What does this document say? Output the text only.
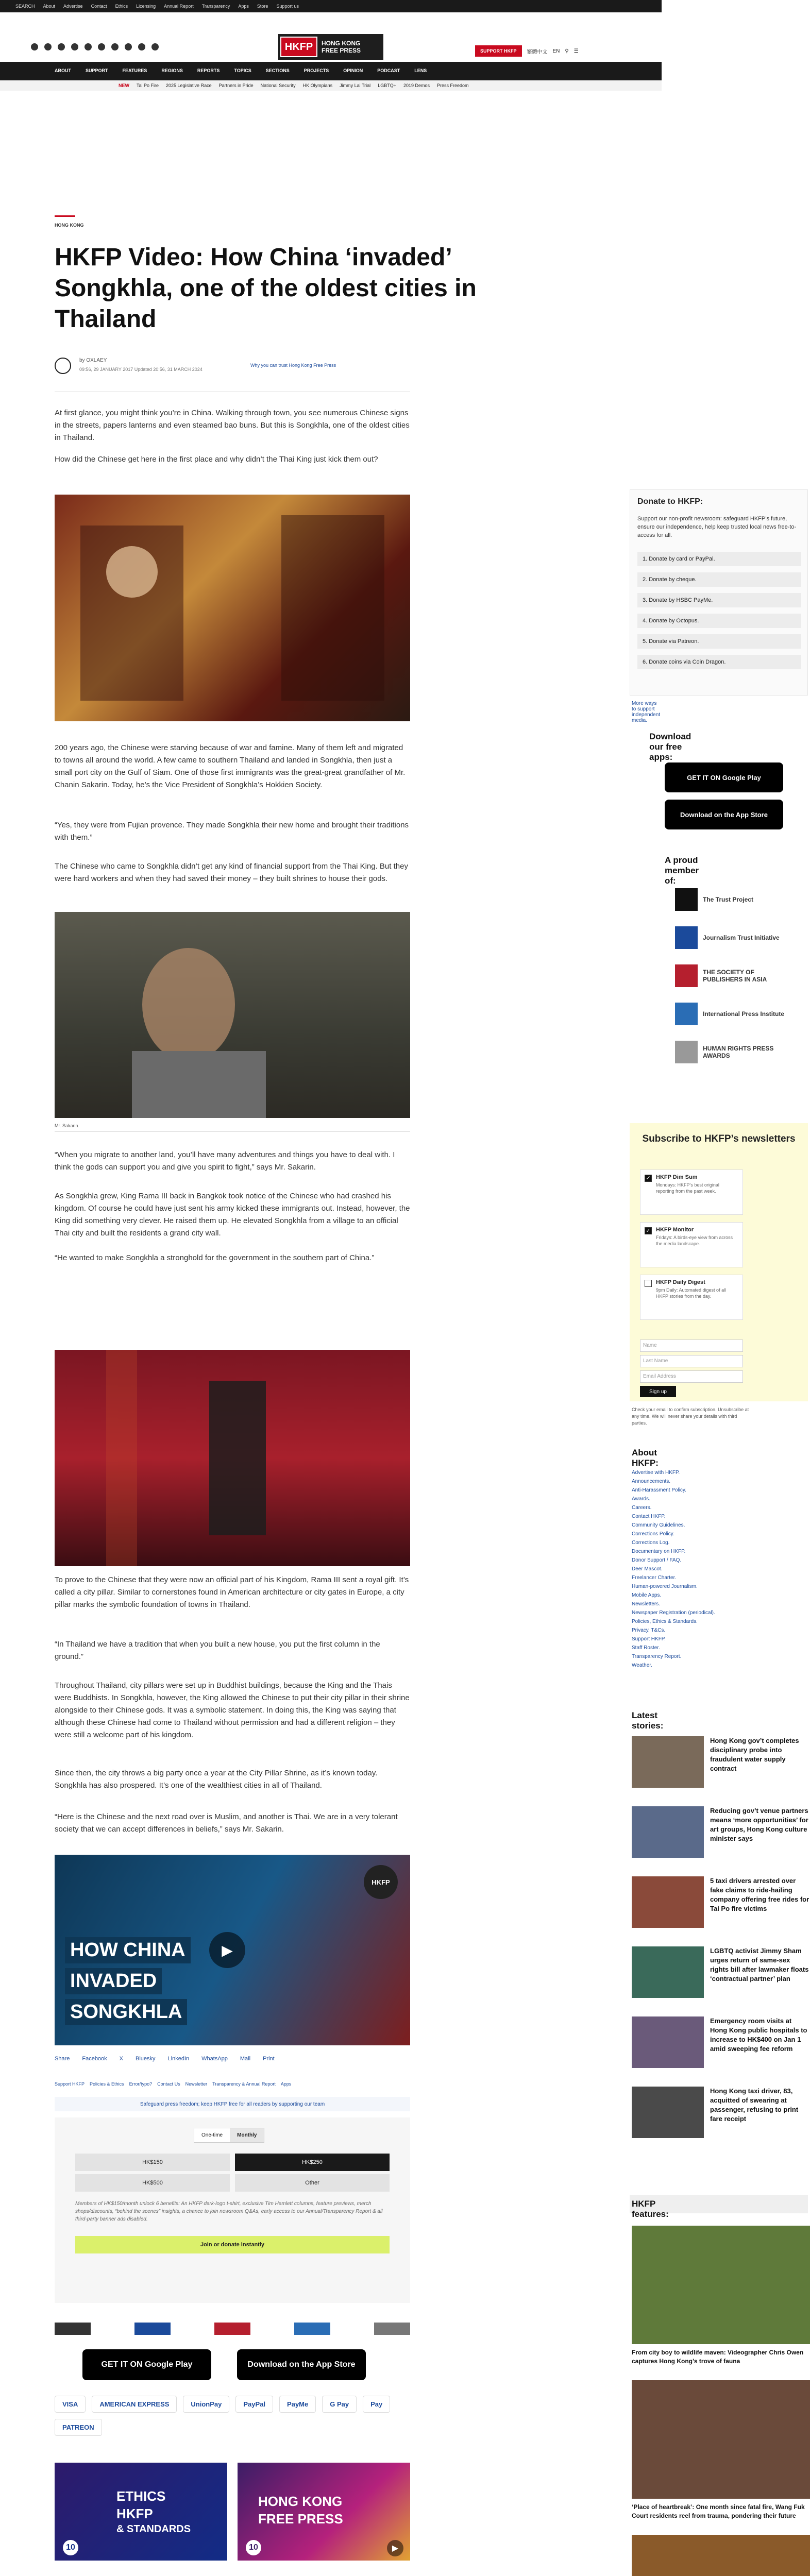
SEARCH About Advertise Contact Ethics Licensing Annual Report Transparency Apps Store Support us
HKFP	HONG KONG
FREE PRESS	SUPPORT HKFP	繁體中文 EN ⚲ ☰
ABOUT	SUPPORT	FEATURES	REGIONS	REPORTS	TOPICS	SECTIONS	PROJECTS	OPINION	PODCAST	LENS
NEW Tai Po Fire 2025 Legislative Race Partners in Pride National Security HK Olympians Jimmy Lai Trial LGBTQ+ 2019 Demos Press Freedom
HONG KONG
HKFP Video: How China ‘invaded’ Songkhla, one of the oldest cities in Thailand
by OXLAEY
09:56, 29 JANUARY 2017 Updated 20:56, 31 MARCH 2024
Why you can trust Hong Kong Free Press

At first glance, you might think you’re in China. Walking through town, you see numerous Chinese signs in the streets, papers lanterns and even steamed bao buns. But this is Songkhla, one of the oldest cities in Thailand.

How did the Chinese get here in the first place and why didn’t the Thai King just kick them out?

200 years ago, the Chinese were starving because of war and famine. Many of them left and migrated to towns all around the world. A few came to southern Thailand and landed in Songkhla, then just a small port city on the Gulf of Siam. One of those first immigrants was the great-great grandfather of Mr. Chanin Sakarin. Today, he’s the Vice President of Songkhla’s Hokkien Society.

“Yes, they were from Fujian provence. They made Songkhla their new home and brought their traditions with them.”

The Chinese who came to Songkhla didn’t get any kind of financial support from the Thai King. But they were hard workers and when they had saved their money – they built shrines to house their gods.

Mr. Sakarin.

“When you migrate to another land, you’ll have many adventures and things you have to deal with. I think the gods can support you and give you spirit to fight,” says Mr. Sakarin.

As Songkhla grew, King Rama III back in Bangkok took notice of the Chinese who had crashed his kingdom. Of course he could have just sent his army kicked these immigrants out. Instead, however, the King did something very clever. He raised them up. He elevated Songkhla from a village to an official Thai city and built the residents a grand city wall.

“He wanted to make Songkhla a stronghold for the government in the southern part of China.”

To prove to the Chinese that they were now an official part of his Kingdom, Rama III sent a royal gift. It’s called a city pillar. Similar to cornerstones found in American architecture or city gates in Europe, a city pillar marks the symbolic foundation of towns in Thailand.

“In Thailand we have a tradition that when you built a new house, you put the first column in the ground.”

Throughout Thailand, city pillars were set up in Buddhist buildings, because the King and the Thais were Buddhists. In Songkhla, however, the King allowed the Chinese to put their city pillar in their shrine alongside to their Chinese gods. It was a symbolic statement. In doing this, the King was saying that although these Chinese had come to Thailand without permission and had a different religion – they were still a welcome part of his kingdom.

Since then, the city throws a big party once a year at the City Pillar Shrine, as it’s known today. Songkhla has also prospered. It’s one of the wealthiest cities in all of Thailand.

“Here is the Chinese and the next road over is Muslim, and another is Thai. We are in a very tolerant society that we can accept differences in beliefs,” says Mr. Sakarin.

HKFP
HOW CHINA
INVADED
SONGKHLA
▶
Share Facebook X Bluesky LinkedIn WhatsApp Mail Print
Support HKFP Policies & Ethics Error/typo? Contact Us Newsletter Transparency & Annual Report Apps
Safeguard press freedom; keep HKFP free for all readers by supporting our team
One-time	Monthly
HK$150	HK$250
HK$500	Other
Members of HK$150/month unlock 6 benefits: An HKFP dark-logo t-shirt, exclusive Tim Hamlett columns, feature previews, merch shops/discounts, “behind the scenes” insights, a chance to join newsroom Q&As, early access to our Annual/Transparency Report & all third-party banner ads disabled.
Join or donate instantly
GET IT ON Google Play	Download on the App Store
VISA	AMERICAN EXPRESS	UnionPay	PayPal	PayMe	G Pay	Pay
PATREON
ETHICS
HKFP
& STANDARDS
10
HONG KONG
FREE PRESS
10	▶
Donate to HKFP:
Support our non-profit newsroom: safeguard HKFP’s future, ensure our independence, help keep trusted local news free-to-access for all.
1. Donate by card or PayPal.
2. Donate by cheque.
3. Donate by HSBC PayMe.
4. Donate by Octopus.
5. Donate via Patreon.
6. Donate coins via Coin Dragon.
More ways to support independent media.
Download our free apps:
GET IT ON Google Play
Download on the App Store
A proud member of:
The Trust Project
Journalism Trust Initiative
THE SOCIETY OF PUBLISHERS IN ASIA
International Press Institute
HUMAN RIGHTS PRESS AWARDS
Subscribe to HKFP’s newsletters
✓ HKFP Dim Sum
Mondays: HKFP’s best original reporting from the past week.
✓ HKFP Monitor
Fridays: A birds-eye view from across the media landscape.
HKFP Daily Digest
9pm Daily: Automated digest of all HKFP stories from the day.
Name
Last Name
Email Address
Sign up
Check your email to confirm subscription. Unsubscribe at any time. We will never share your details with third parties.
About HKFP:
Advertise with HKFP.
Announcements.
Anti-Harassment Policy.
Awards.
Careers.
Contact HKFP.
Community Guidelines.
Corrections Policy.
Corrections Log.
Documentary on HKFP.
Donor Support / FAQ.
Deer Mascot.
Freelancer Charter.
Human-powered Journalism.
Mobile Apps.
Newsletters.
Newspaper Registration (periodical).
Policies, Ethics & Standards.
Privacy, T&Cs.
Support HKFP.
Staff Roster.
Transparency Report.
Weather.
Latest stories:
Hong Kong gov’t completes disciplinary probe into fraudulent water supply contract
Reducing gov’t venue partners means ‘more opportunities’ for art groups, Hong Kong culture minister says
5 taxi drivers arrested over fake claims to ride-hailing company offering free rides for Tai Po fire victims
LGBTQ activist Jimmy Sham urges return of same-sex rights bill after lawmaker floats ‘contractual partner’ plan
Emergency room visits at Hong Kong public hospitals to increase to HK$400 on Jan 1 amid sweeping fee reform
Hong Kong taxi driver, 83, acquitted of swearing at passenger, refusing to print fare receipt
HKFP features:
From city boy to wildlife maven: Videographer Chris Owen captures Hong Kong’s trove of fauna
‘Place of heartbreak’: One month since fatal fire, Wang Fuk Court residents reel from trauma, pondering their future
